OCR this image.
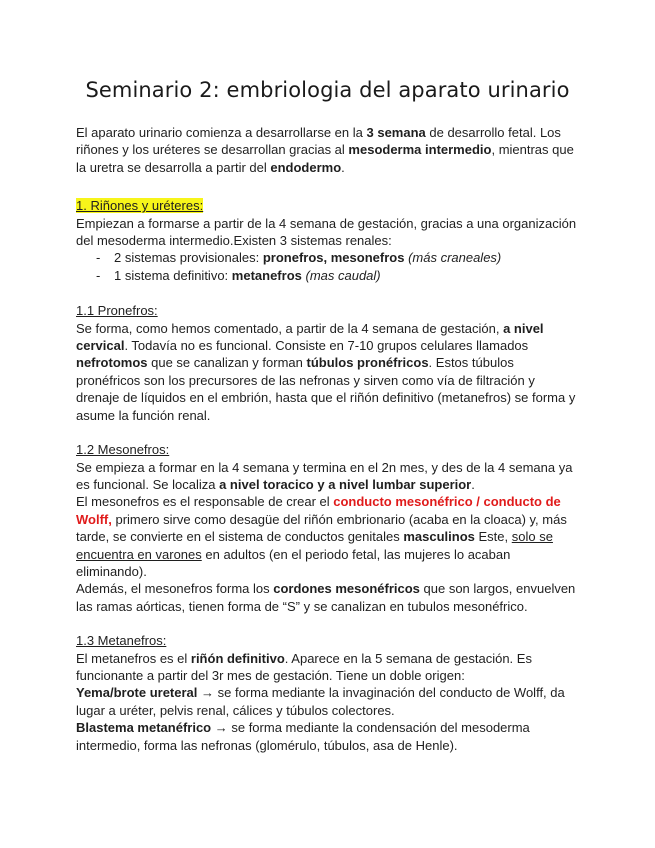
Seminario 2: embriologia del aparato urinario

El aparato urinario comienza a desarrollarse en la 3 semana de desarrollo fetal. Los riñones y los uréteres se desarrollan gracias al mesoderma intermedio, mientras que la uretra se desarrolla a partir del endodermo.

1. Riñones y uréteres:

Empiezan a formarse a partir de la 4 semana de gestación, gracias a una organización del mesoderma intermedio.Existen 3 sistemas renales:

- 2 sistemas provisionales: pronefros, mesonefros (más craneales)
- 1 sistema definitivo: metanefros (mas caudal)

1.1 Pronefros:

Se forma, como hemos comentado, a partir de la 4 semana de gestación, a nivel cervical. Todavía no es funcional. Consiste en 7-10 grupos celulares llamados nefrotomos que se canalizan y forman túbulos pronéfricos. Estos túbulos pronéfricos son los precursores de las nefronas y sirven como vía de filtración y drenaje de líquidos en el embrión, hasta que el riñón definitivo (metanefros) se forma y asume la función renal.

1.2 Mesonefros:

Se empieza a formar en la 4 semana y termina en el 2n mes, y des de la 4 semana ya es funcional. Se localiza a nivel toracico y a nivel lumbar superior.

El mesonefros es el responsable de crear el conducto mesonéfrico / conducto de Wolff, primero sirve como desagüe del riñón embrionario (acaba en la cloaca) y, más tarde, se convierte en el sistema de conductos genitales masculinos Este, solo se encuentra en varones en adultos (en el periodo fetal, las mujeres lo acaban eliminando).

Además, el mesonefros forma los cordones mesonéfricos que son largos, envuelven las ramas aórticas, tienen forma de “S” y se canalizan en tubulos mesonéfrico.

1.3 Metanefros:

El metanefros es el riñón definitivo. Aparece en la 5 semana de gestación. Es funcionante a partir del 3r mes de gestación. Tiene un doble origen:

Yema/brote ureteral → se forma mediante la invaginación del conducto de Wolff, da lugar a uréter, pelvis renal, cálices y túbulos colectores.

Blastema metanéfrico → se forma mediante la condensación del mesoderma intermedio, forma las nefronas (glomérulo, túbulos, asa de Henle).
